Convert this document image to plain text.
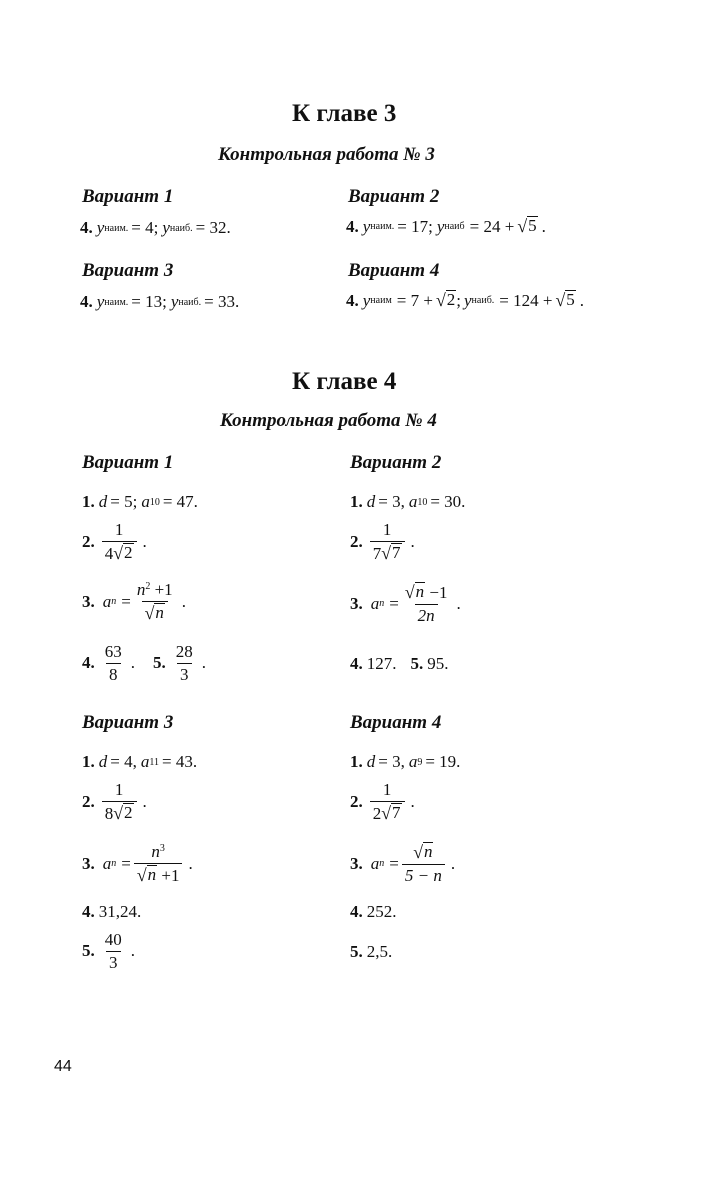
К главе 3
Контрольная работа № 3
Вариант 1
4. y наим. = 4; y наиб. = 32.
Вариант 2
4. y наим. = 17; y наиб = 24 + √ 5 .
Вариант 3
4. y наим. = 13; y наиб. = 33.
Вариант 4
4. y наим = 7 + √ 2 ; y наиб. = 124 + √ 5 .
К главе 4
Контрольная работа № 4
Вариант 1
1. d = 5; a 10 = 47.
2. $\frac{1}{4 √ 2}$ .
3. a $n = \frac{n^2 +1}{√ n}$ .
4. $\frac{63}{8}$ . 5. $\frac{28}{3}$ .
Вариант 2
1. d = 3, a 10 = 30.
2. $\frac{1}{7 √ 7}$ .
3. a $n = \frac{√ n -1}{2n}$ .
4. 127. 5. 95.
Вариант 3
1. d = 4, a 11 = 43.
2. $\frac{1}{8 √ 2}$ .
3. a $n = \frac{n^3}{√ n +1}$ .
4. 31,24.
5. $\frac{40}{3}$ .
Вариант 4
1. d = 3, a 9 = 19.
2. $\frac{1}{2 √ 7}$ .
3. a $n = \frac{√ n}{5 - n}$ .
4. 252.
5. 2,5.
44
